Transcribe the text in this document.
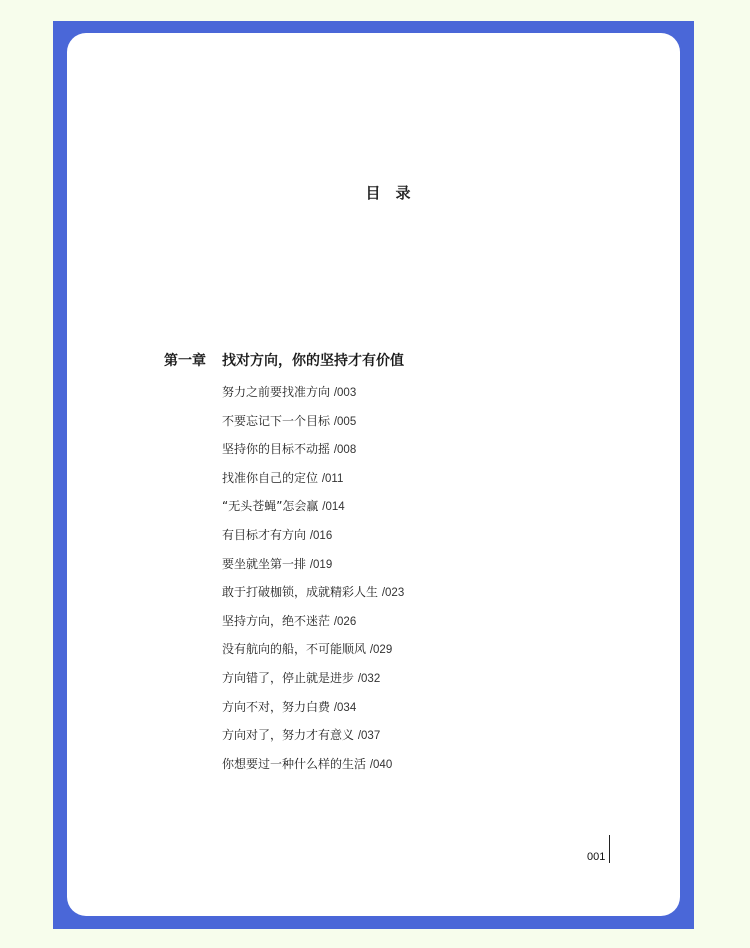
目　录
第一章 找对方向，你的坚持才有价值
努力之前要找准方向 /003
不要忘记下一个目标 /005
坚持你的目标不动摇 /008
找准你自己的定位 /011
“无头苍蝇”怎会赢 /014
有目标才有方向 /016
要坐就坐第一排 /019
敢于打破枷锁，成就精彩人生 /023
坚持方向，绝不迷茫 /026
没有航向的船，不可能顺风 /029
方向错了，停止就是进步 /032
方向不对，努力白费 /034
方向对了，努力才有意义 /037
你想要过一种什么样的生活 /040
001
